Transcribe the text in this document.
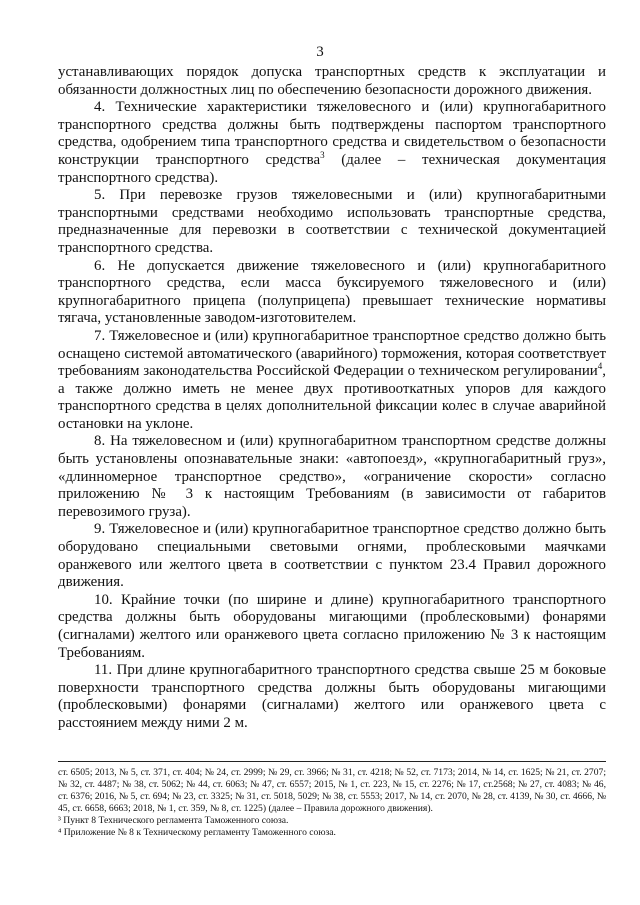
3

устанавливающих порядок допуска транспортных средств к эксплуатации и обязанности должностных лиц по обеспечению безопасности дорожного движения.

4. Технические характеристики тяжеловесного и (или) крупногабаритного транспортного средства должны быть подтверждены паспортом транспортного средства, одобрением типа транспортного средства и свидетельством о безопасности конструкции транспортного средства$^3$ (далее – техническая документация транспортного средства).

5. При перевозке грузов тяжеловесными и (или) крупногабаритными транспортными средствами необходимо использовать транспортные средства, предназначенные для перевозки в соответствии с технической документацией транспортного средства.

6. Не допускается движение тяжеловесного и (или) крупногабаритного транспортного средства, если масса буксируемого тяжеловесного и (или) крупногабаритного прицепа (полуприцепа) превышает технические нормативы тягача, установленные заводом-изготовителем.

7. Тяжеловесное и (или) крупногабаритное транспортное средство должно быть оснащено системой автоматического (аварийного) торможения, которая соответствует требованиям законодательства Российской Федерации о техническом регулировании$^4$, а также должно иметь не менее двух противооткатных упоров для каждого транспортного средства в целях дополнительной фиксации колес в случае аварийной остановки на уклоне.

8. На тяжеловесном и (или) крупногабаритном транспортном средстве должны быть установлены опознавательные знаки: «автопоезд», «крупногабаритный груз», «длинномерное транспортное средство», «ограничение скорости» согласно приложению № 3 к настоящим Требованиям (в зависимости от габаритов перевозимого груза).

9. Тяжеловесное и (или) крупногабаритное транспортное средство должно быть оборудовано специальными световыми огнями, проблесковыми маячками оранжевого или желтого цвета в соответствии с пунктом 23.4 Правил дорожного движения.

10. Крайние точки (по ширине и длине) крупногабаритного транспортного средства должны быть оборудованы мигающими (проблесковыми) фонарями (сигналами) желтого или оранжевого цвета согласно приложению № 3 к настоящим Требованиям.

11. При длине крупногабаритного транспортного средства свыше 25 м боковые поверхности транспортного средства должны быть оборудованы мигающими (проблесковыми) фонарями (сигналами) желтого или оранжевого цвета с расстоянием между ними 2 м.

ст. 6505; 2013, № 5, ст. 371, ст. 404; № 24, ст. 2999; № 29, ст. 3966; № 31, ст. 4218; № 52, ст. 7173; 2014, № 14, ст. 1625; № 21, ст. 2707; № 32, ст. 4487; № 38, ст. 5062; № 44, ст. 6063; № 47, ст. 6557; 2015, № 1, ст. 223, № 15, ст. 2276; № 17, ст.2568; № 27, ст. 4083; № 46, ст. 6376; 2016, № 5, ст. 694; № 23, ст. 3325; № 31, ст. 5018, 5029; № 38, ст. 5553; 2017, № 14, ст. 2070, № 28, ст. 4139, № 30, ст. 4666, № 45, ст. 6658, 6663; 2018, № 1, ст. 359, № 8, ст. 1225) (далее – Правила дорожного движения).

³ Пункт 8 Технического регламента Таможенного союза.

⁴ Приложение № 8 к Техническому регламенту Таможенного союза.
